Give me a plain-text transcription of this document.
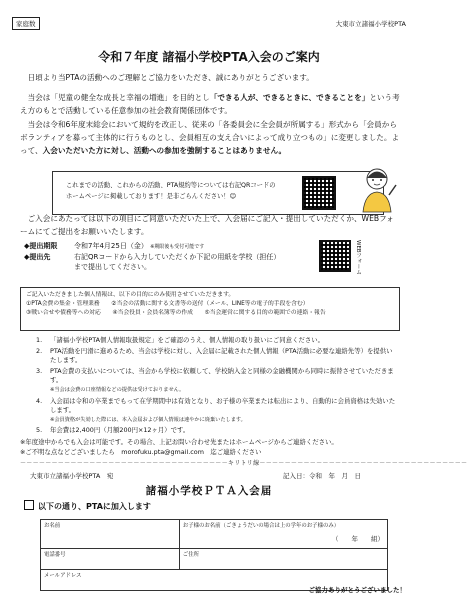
家庭数	大東市立諸福小学校PTA
令和７年度 諸福小学校PTA入会のご案内
日頃より当PTAの活動へのご理解とご協力をいただき、誠にありがとうございます。
当会は「児童の健全な成長と幸福の増進」を目的とし「できる人が、できるときに、できることを」という考え方のもとで活動している任意参加の社会教育関係団体です。
当会は令和6年度末総会において規約を改正し、従来の「各委員会に全会員が所属する」形式から「会員からボランティアを募って主体的に行うものとし、会員相互の支え合いによって成り立つもの」に変更しました。よって、入会いただいた方に対し、活動への参加を強制することはありません。
これまでの活動、これからの活動、PTA規約等については右記QRコードの
ホームページに掲載しております！是非ごらんください！☺
ご入会にあたっては以下の項目にご同意いただいた上で、入会届にご記入・提出していただくか、WEBフォームにてご提出をお願いいたします。
◆提出期限 令和7年4月25日（金） ※期限後も受付可能です
◆提出先	右記QRコードから入力していただくか下記の用紙を学校（担任）
まで提出してください。	WEBフォーム
ご記入いただきました個人情報は、以下の目的にのみ使用させていただきます。
①PTA会費の集金・管理業務　　②当会の活動に関する文書等の送付（メール、LINE等の電子的手段を含む）
③戦い合せや債務等への対応　　④当会役員・会員名簿等の作成　　⑤当会運営に関する目的の範囲での連絡・報告
1. 「諸福小学校PTA個人情報取扱規定」をご確認のうえ、個人情報の取り扱いにご同意ください。
2. PTA活動を円滑に進めるため、当会は学校に対し、入会届に記載された個人情報（PTA活動に必要な連絡先等）を提供いたします。
3. PTA会費の支払いについては、当会から学校に依頼して、学校納入金と同様の金融機関から同時に振替させていただきます。
※当会は会費の口座情報などの提供は受けておりません。
4. 入会届は令和の卒業までもって在学期間中は有効となり、お子様の卒業または転出により、自動的に会員資格は失効いたします。
※会員資格が失効した際には、本入会届および個人情報は速やかに廃棄いたします。
5. 年会費は2,400円（月額200円×12ヶ月）です。
※年度途中からでも入会は可能です。その場合、上記お問い合わせ先またはホームページからご連絡ください。
※ご不明な点などございましたら　morofuku.pta@gmail.com　迄ご連絡ください
－－－－－－－－－－－－－－－－－－－－－－－－－－－－－－－－－キリトリ線－－－－－－－－－－－－－－－－－－－－－－－－－－－－－－－－－
大東市立諸福小学校PTA　宛	記入日：令和　年　月　日
諸福小学校ＰＴＡ入会届
以下の通り、PTAに加入します
お名前	お子様のお名前（ごきょうだいの場合は上の学年のお子様のみ）
（　　年　　組）

電話番号	ご住所
メールアドレス	
ご協力ありがとうございました！
